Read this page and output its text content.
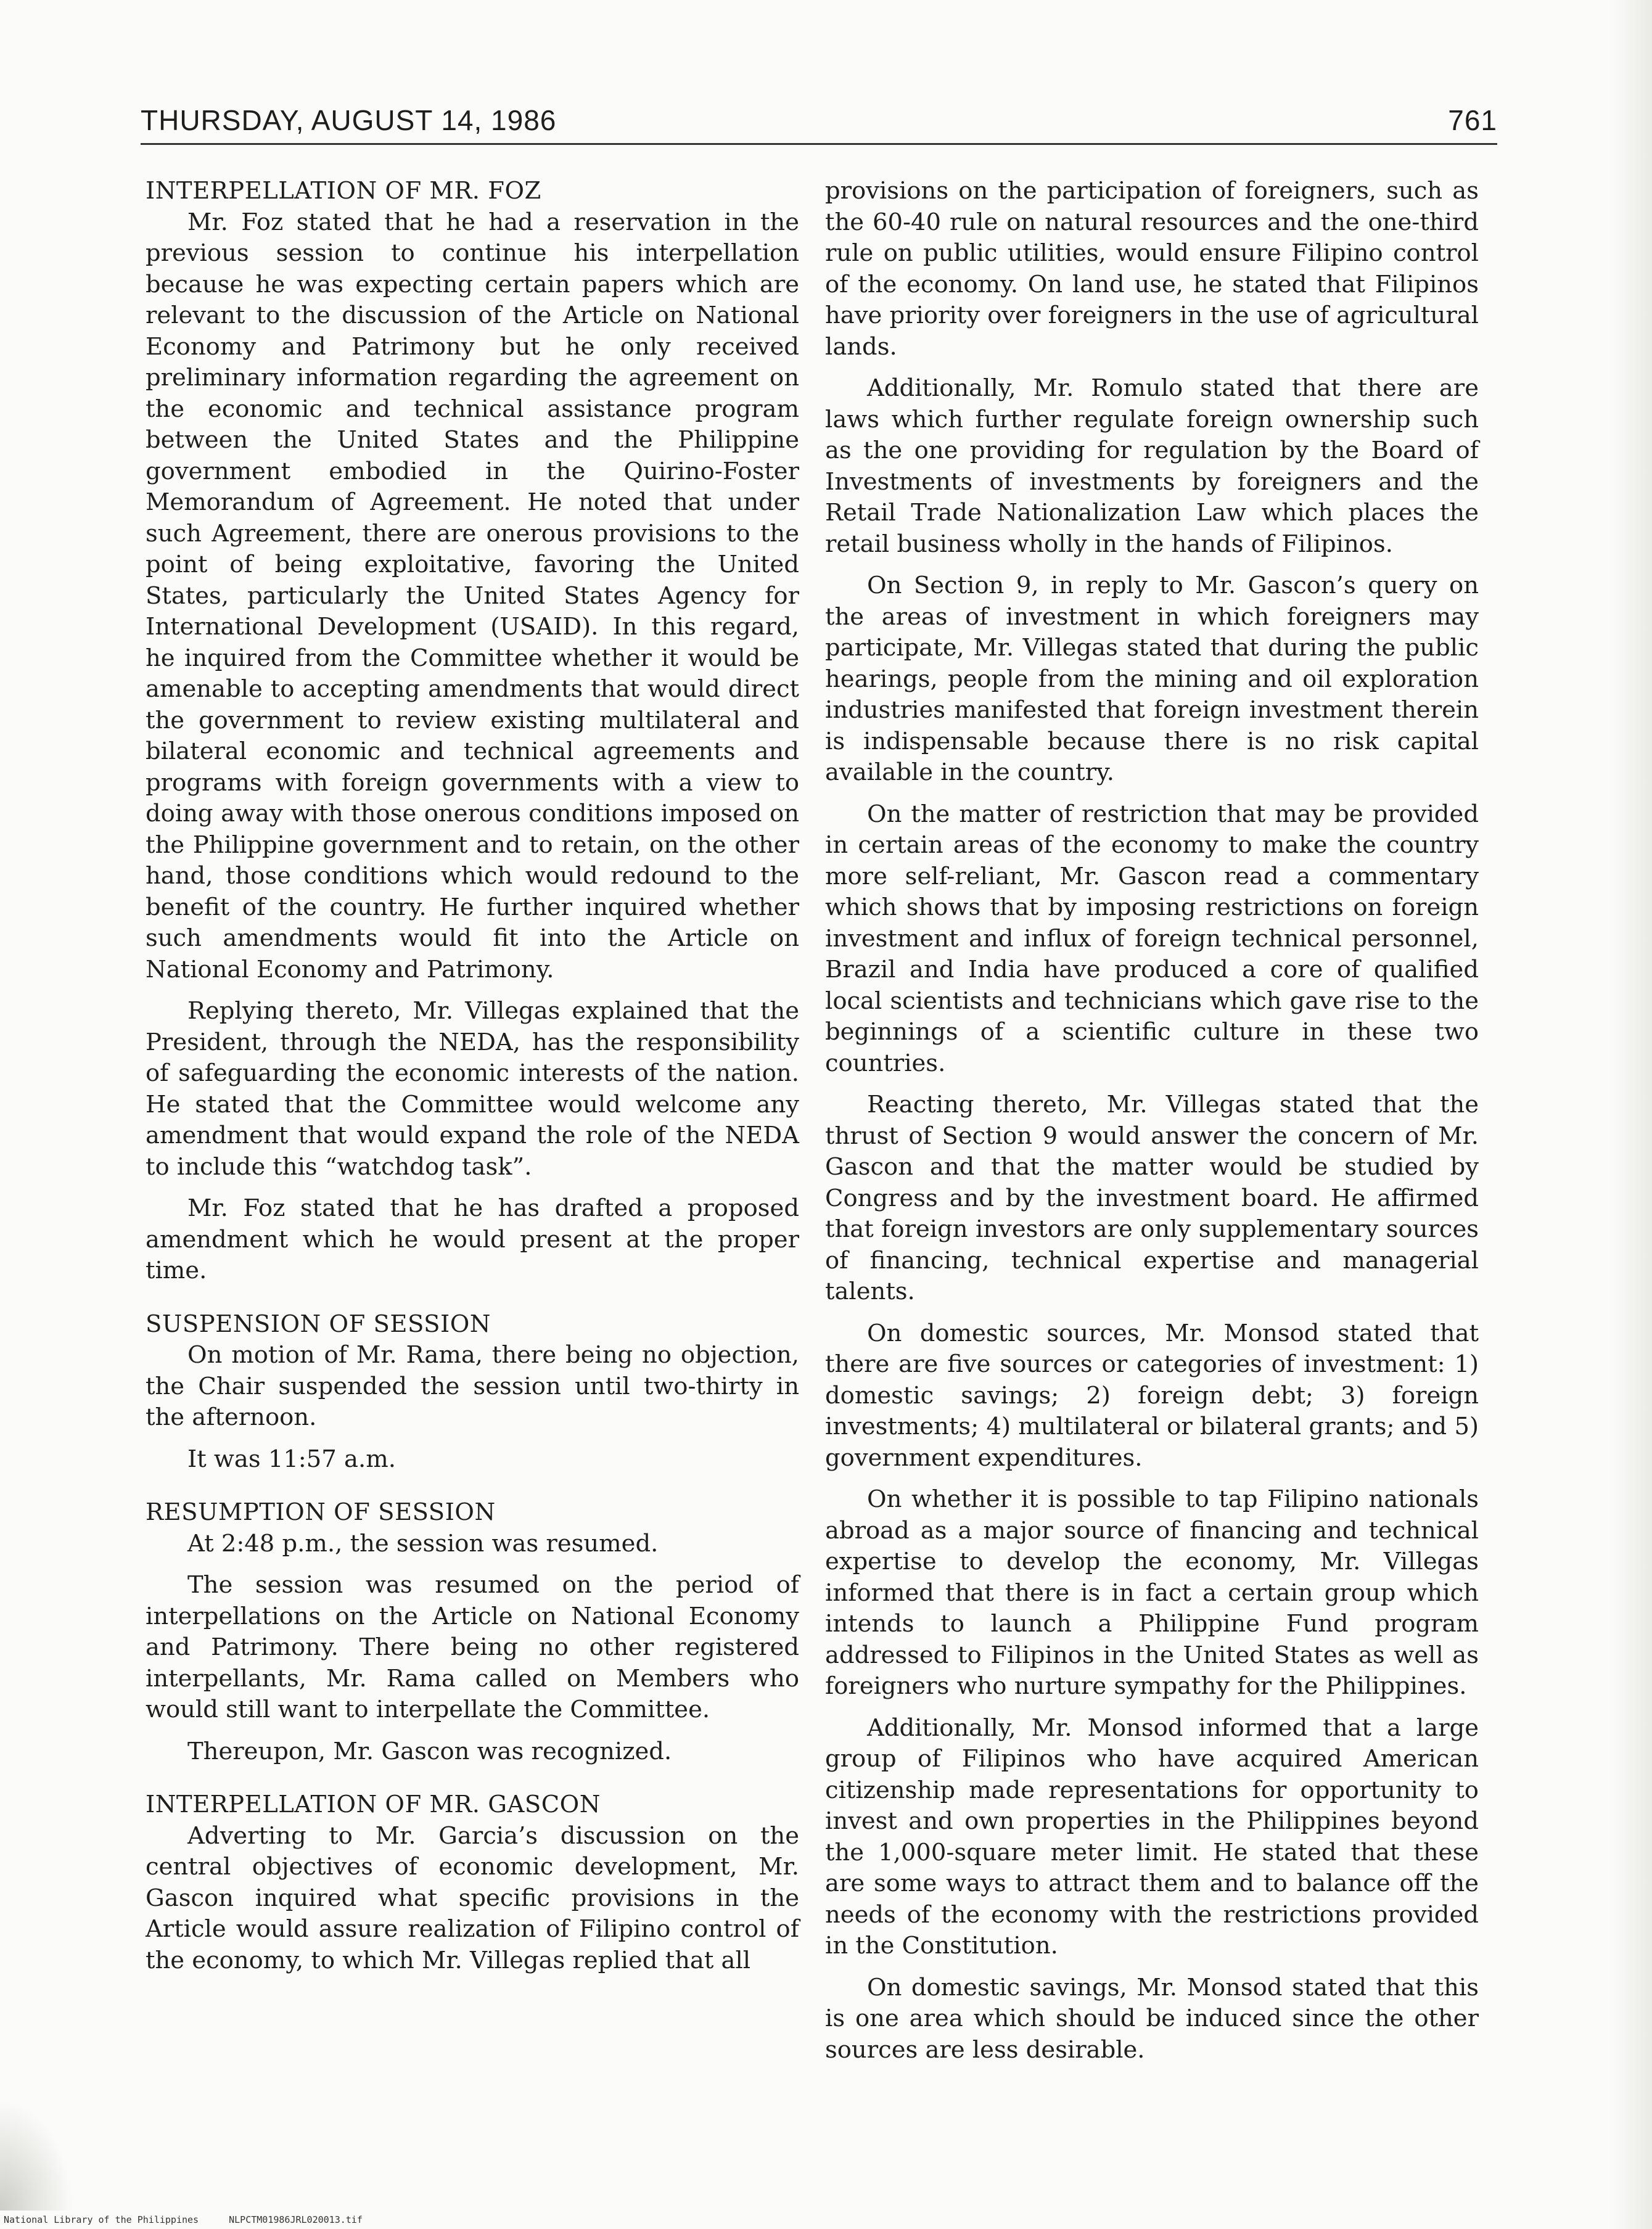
THURSDAY, AUGUST 14, 1986	761
INTERPELLATION OF MR. FOZ

Mr. Foz stated that he had a reservation in the previous session to continue his interpellation because he was expecting certain papers which are relevant to the discussion of the Article on National Economy and Patrimony but he only received preliminary information regarding the agreement on the economic and technical assistance program between the United States and the Philippine government embodied in the Quirino-Foster Memorandum of Agreement. He noted that under such Agreement, there are onerous provisions to the point of being exploitative, favoring the United States, particularly the United States Agency for International Development (USAID). In this regard, he inquired from the Committee whether it would be amenable to accepting amendments that would direct the government to review existing multilateral and bilateral economic and technical agreements and programs with foreign governments with a view to doing away with those onerous conditions imposed on the Philippine government and to retain, on the other hand, those conditions which would redound to the benefit of the country. He further inquired whether such amendments would fit into the Article on National Economy and Patrimony.

Replying thereto, Mr. Villegas explained that the President, through the NEDA, has the responsibility of safeguarding the economic interests of the nation. He stated that the Committee would welcome any amendment that would expand the role of the NEDA to include this “watchdog task”.

Mr. Foz stated that he has drafted a proposed amendment which he would present at the proper time.

SUSPENSION OF SESSION

On motion of Mr. Rama, there being no objection, the Chair suspended the session until two-thirty in the afternoon.

It was 11:57 a.m.

RESUMPTION OF SESSION

At 2:48 p.m., the session was resumed.

The session was resumed on the period of interpellations on the Article on National Economy and Patrimony. There being no other registered interpellants, Mr. Rama called on Members who would still want to interpellate the Committee.

Thereupon, Mr. Gascon was recognized.

INTERPELLATION OF MR. GASCON

Adverting to Mr. Garcia’s discussion on the central objectives of economic development, Mr. Gascon inquired what specific provisions in the Article would assure realization of Filipino control of the economy, to which Mr. Villegas replied that all

provisions on the participation of foreigners, such as the 60-40 rule on natural resources and the one-third rule on public utilities, would ensure Filipino control of the economy. On land use, he stated that Filipinos have priority over foreigners in the use of agricultural lands.

Additionally, Mr. Romulo stated that there are laws which further regulate foreign ownership such as the one providing for regulation by the Board of Investments of investments by foreigners and the Retail Trade Nationalization Law which places the retail business wholly in the hands of Filipinos.

On Section 9, in reply to Mr. Gascon’s query on the areas of investment in which foreigners may participate, Mr. Villegas stated that during the public hearings, people from the mining and oil exploration industries manifested that foreign investment therein is indispensable because there is no risk capital available in the country.

On the matter of restriction that may be provided in certain areas of the economy to make the country more self-reliant, Mr. Gascon read a commentary which shows that by imposing restrictions on foreign investment and influx of foreign technical personnel, Brazil and India have produced a core of qualified local scientists and technicians which gave rise to the beginnings of a scientific culture in these two countries.

Reacting thereto, Mr. Villegas stated that the thrust of Section 9 would answer the concern of Mr. Gascon and that the matter would be studied by Congress and by the investment board. He affirmed that foreign investors are only supplementary sources of financing, technical expertise and managerial talents.

On domestic sources, Mr. Monsod stated that there are five sources or categories of investment: 1) domestic savings; 2) foreign debt; 3) foreign investments; 4) multilateral or bilateral grants; and 5) government expenditures.

On whether it is possible to tap Filipino nationals abroad as a major source of financing and technical expertise to develop the economy, Mr. Villegas informed that there is in fact a certain group which intends to launch a Philippine Fund program addressed to Filipinos in the United States as well as foreigners who nurture sympathy for the Philippines.

Additionally, Mr. Monsod informed that a large group of Filipinos who have acquired American citizenship made representations for opportunity to invest and own properties in the Philippines beyond the 1,000-square meter limit. He stated that these are some ways to attract them and to balance off the needs of the economy with the restrictions provided in the Constitution.

On domestic savings, Mr. Monsod stated that this is one area which should be induced since the other sources are less desirable.

National Library of the Philippines	NLPCTM01986JRL020013.tif
